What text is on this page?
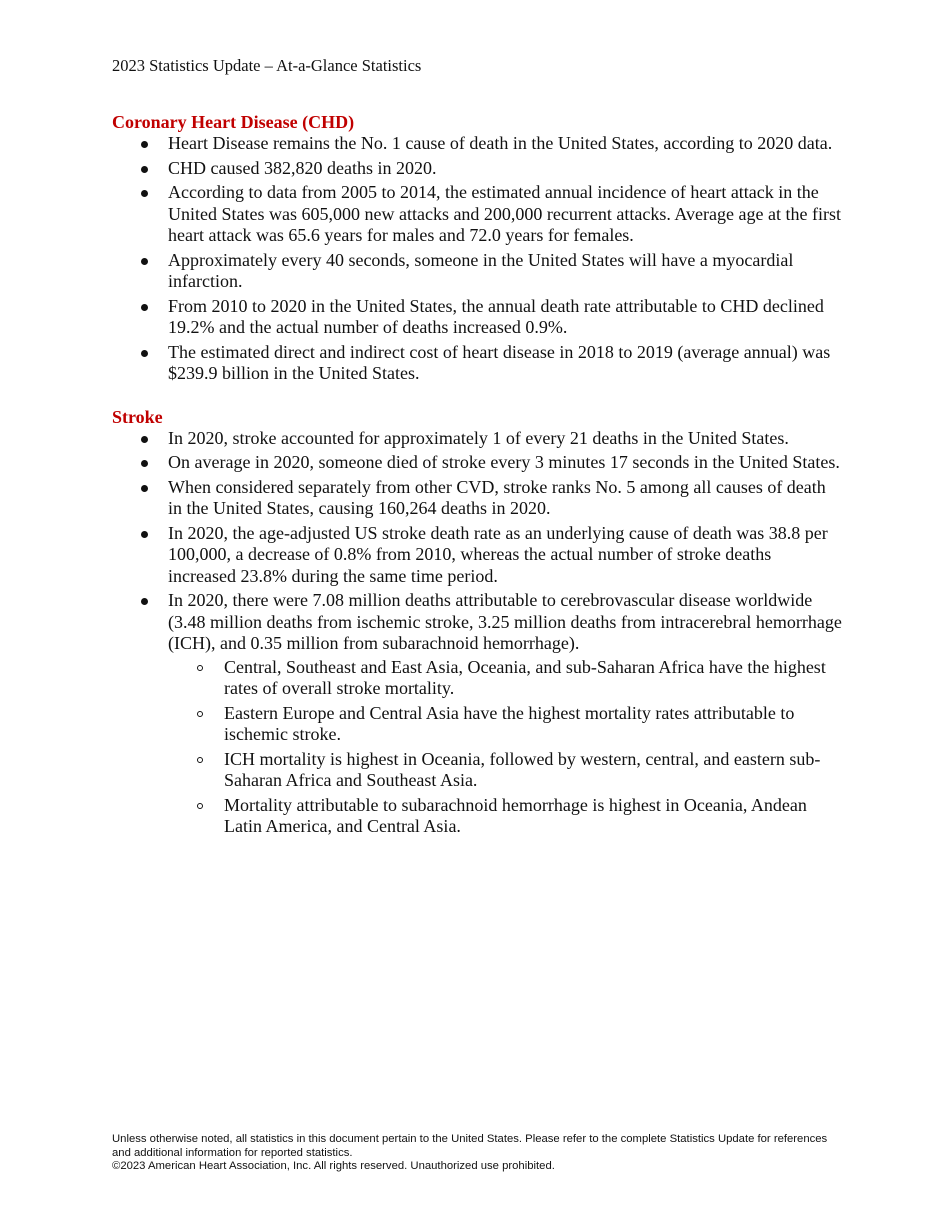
2023 Statistics Update – At-a-Glance Statistics
Coronary Heart Disease (CHD)
Heart Disease remains the No. 1 cause of death in the United States, according to 2020 data.
CHD caused 382,820 deaths in 2020.
According to data from 2005 to 2014, the estimated annual incidence of heart attack in the United States was 605,000 new attacks and 200,000 recurrent attacks. Average age at the first heart attack was 65.6 years for males and 72.0 years for females.
Approximately every 40 seconds, someone in the United States will have a myocardial infarction.
From 2010 to 2020 in the United States, the annual death rate attributable to CHD declined 19.2% and the actual number of deaths increased 0.9%.
The estimated direct and indirect cost of heart disease in 2018 to 2019 (average annual) was $239.9 billion in the United States.
Stroke
In 2020, stroke accounted for approximately 1 of every 21 deaths in the United States.
On average in 2020, someone died of stroke every 3 minutes 17 seconds in the United States.
When considered separately from other CVD, stroke ranks No. 5 among all causes of death in the United States, causing 160,264 deaths in 2020.
In 2020, the age-adjusted US stroke death rate as an underlying cause of death was 38.8 per 100,000, a decrease of 0.8% from 2010, whereas the actual number of stroke deaths increased 23.8% during the same time period.
In 2020, there were 7.08 million deaths attributable to cerebrovascular disease worldwide (3.48 million deaths from ischemic stroke, 3.25 million deaths from intracerebral hemorrhage (ICH), and 0.35 million from subarachnoid hemorrhage).
Central, Southeast and East Asia, Oceania, and sub-Saharan Africa have the highest rates of overall stroke mortality.
Eastern Europe and Central Asia have the highest mortality rates attributable to ischemic stroke.
ICH mortality is highest in Oceania, followed by western, central, and eastern sub-Saharan Africa and Southeast Asia.
Mortality attributable to subarachnoid hemorrhage is highest in Oceania, Andean Latin America, and Central Asia.

Unless otherwise noted, all statistics in this document pertain to the United States. Please refer to the complete Statistics Update for references and additional information for reported statistics.

©2023 American Heart Association, Inc. All rights reserved. Unauthorized use prohibited.
